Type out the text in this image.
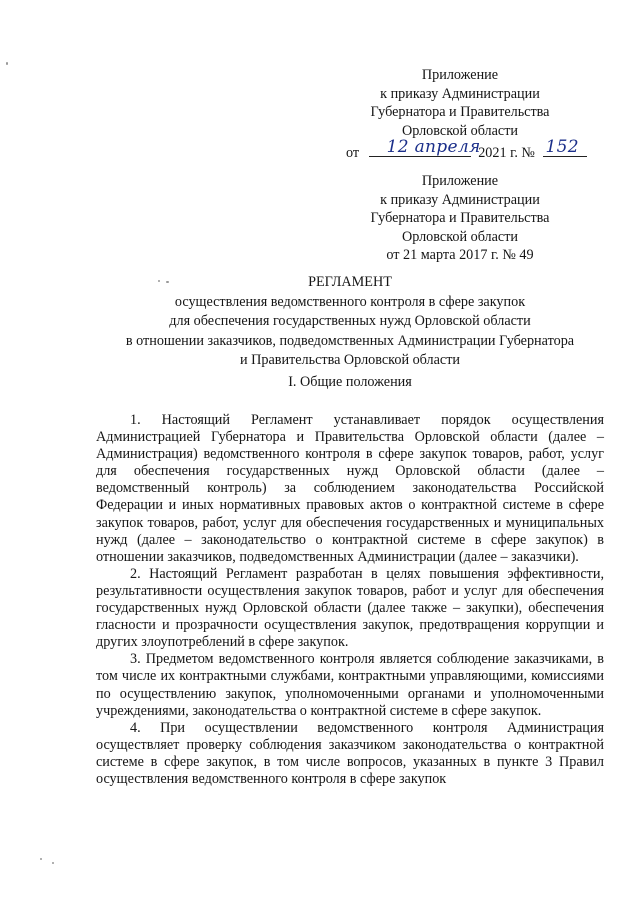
Приложение
к приказу Администрации
Губернатора и Правительства
Орловской области
от 12 апреля
2021 г. № 152
Приложение
к приказу Администрации
Губернатора и Правительства
Орловской области
от 21 марта 2017 г. № 49
РЕГЛАМЕНТ
осуществления ведомственного контроля в сфере закупок
для обеспечения государственных нужд Орловской области
в отношении заказчиков, подведомственных Администрации Губернатора
и Правительства Орловской области
I. Общие положения

1. Настоящий Регламент устанавливает порядок осуществления Администрацией Губернатора и Правительства Орловской области (далее – Администрация) ведомственного контроля в сфере закупок товаров, работ, услуг для обеспечения государственных нужд Орловской области (далее – ведомственный контроль) за соблюдением законодательства Российской Федерации и иных нормативных правовых актов о контрактной системе в сфере закупок товаров, работ, услуг для обеспечения государственных и муниципальных нужд (далее – законодательство о контрактной системе в сфере закупок) в отношении заказчиков, подведомственных Администрации (далее – заказчики).

2. Настоящий Регламент разработан в целях повышения эффективности, результативности осуществления закупок товаров, работ и услуг для обеспечения государственных нужд Орловской области (далее также – закупки), обеспечения гласности и прозрачности осуществления закупок, предотвращения коррупции и других злоупотреблений в сфере закупок.

3. Предметом ведомственного контроля является соблюдение заказчиками, в том числе их контрактными службами, контрактными управляющими, комиссиями по осуществлению закупок, уполномоченными органами и уполномоченными учреждениями, законодательства о контрактной системе в сфере закупок.

4. При осуществлении ведомственного контроля Администрация осуществляет проверку соблюдения заказчиком законодательства о контрактной системе в сфере закупок, в том числе вопросов, указанных в пункте 3 Правил осуществления ведомственного контроля в сфере закупок
